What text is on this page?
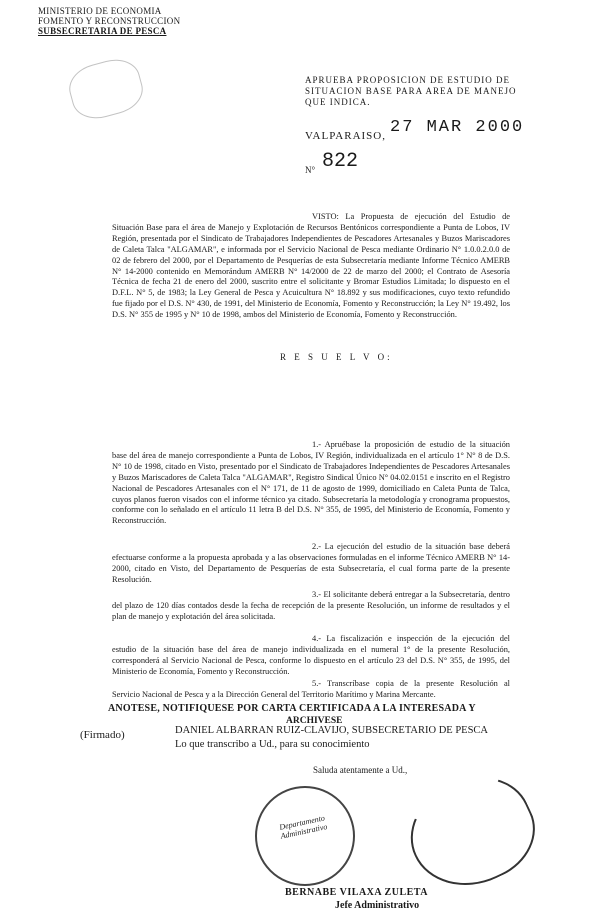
MINISTERIO DE ECONOMIA
FOMENTO Y RECONSTRUCCION
SUBSECRETARIA DE PESCA
APRUEBA PROPOSICION DE ESTUDIO DE SITUACION BASE PARA AREA DE MANEJO QUE INDICA.
VALPARAISO, 27 MAR 2000
N° 822
VISTO: La Propuesta de ejecución del Estudio de Situación Base para el área de Manejo y Explotación de Recursos Bentónicos correspondiente a Punta de Lobos, IV Región, presentada por el Sindicato de Trabajadores Independientes de Pescadores Artesanales y Buzos Mariscadores de Caleta Talca "ALGAMAR", e informada por el Servicio Nacional de Pesca mediante Ordinario N° 1.0.0.2.0.0 de 02 de febrero del 2000, por el Departamento de Pesquerías de esta Subsecretaría mediante Informe Técnico AMERB N° 14-2000 contenido en Memorándum AMERB N° 14/2000 de 22 de marzo del 2000; el Contrato de Asesoría Técnica de fecha 21 de enero del 2000, suscrito entre el solicitante y Bromar Estudios Limitada; lo dispuesto en el D.F.L. N° 5, de 1983; la Ley General de Pesca y Acuicultura N° 18.892 y sus modificaciones, cuyo texto refundido fue fijado por el D.S. N° 430, de 1991, del Ministerio de Economía, Fomento y Reconstrucción; la Ley N° 19.492, los D.S. N° 355 de 1995 y N° 10 de 1998, ambos del Ministerio de Economía, Fomento y Reconstrucción.
R E S U E L V O:
1.- Apruébase la proposición de estudio de la situación base del área de manejo correspondiente a Punta de Lobos, IV Región, individualizada en el artículo 1° N° 8 de D.S. N° 10 de 1998, citado en Visto, presentado por el Sindicato de Trabajadores Independientes de Pescadores Artesanales y Buzos Mariscadores de Caleta Talca "ALGAMAR", Registro Sindical Único N° 04.02.0151 e inscrito en el Registro Nacional de Pescadores Artesanales con el N° 171, de 11 de agosto de 1999, domiciliado en Caleta Punta de Talca, cuyos planos fueron visados con el informe técnico ya citado. Subsecretaría la metodología y cronograma propuestos, conforme con lo señalado en el artículo 11 letra B del D.S. N° 355, de 1995, del Ministerio de Economía, Fomento y Reconstrucción.
2.- La ejecución del estudio de la situación base deberá efectuarse conforme a la propuesta aprobada y a las observaciones formuladas en el informe Técnico AMERB N° 14-2000, citado en Visto, del Departamento de Pesquerías de esta Subsecretaría, el cual forma parte de la presente Resolución.
3.- El solicitante deberá entregar a la Subsecretaría, dentro del plazo de 120 días contados desde la fecha de recepción de la presente Resolución, un informe de resultados y el plan de manejo y explotación del área solicitada.
4.- La fiscalización e inspección de la ejecución del estudio de la situación base del área de manejo individualizada en el numeral 1° de la presente Resolución, corresponderá al Servicio Nacional de Pesca, conforme lo dispuesto en el artículo 23 del D.S. N° 355, de 1995, del Ministerio de Economía, Fomento y Reconstrucción.
5.- Transcríbase copia de la presente Resolución al Servicio Nacional de Pesca y a la Dirección General del Territorio Marítimo y Marina Mercante.
ANOTESE, NOTIFIQUESE POR CARTA CERTIFICADA A LA INTERESADA Y
ARCHIVESE
(Firmado)	DANIEL ALBARRAN RUIZ-CLAVIJO, SUBSECRETARIO DE PESCA
Lo que transcribo a Ud., para su conocimiento
Saluda atentamente a Ud.,
Departamento Administrativo
BERNABE VILAXA ZULETA
Jefe Administrativo
